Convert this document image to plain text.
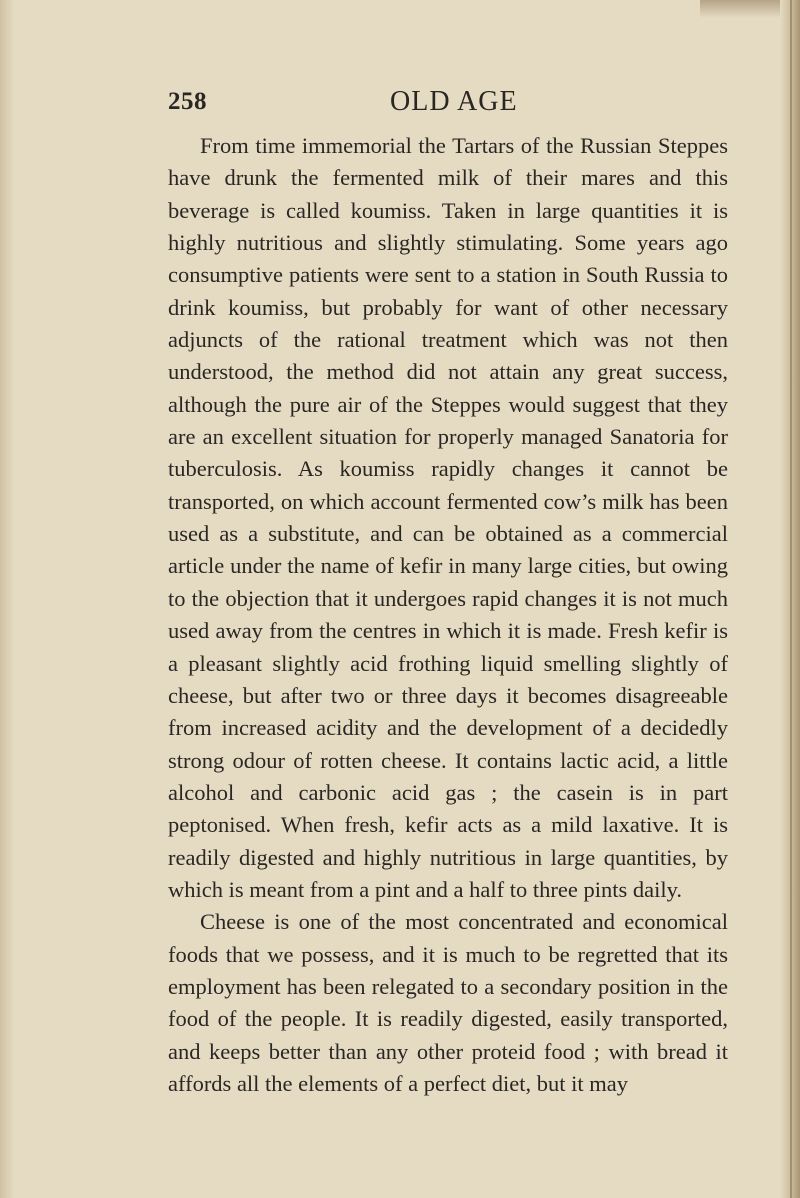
258	OLD AGE

From time immemorial the Tartars of the Russian Steppes have drunk the fermented milk of their mares and this beverage is called koumiss. Taken in large quantities it is highly nutritious and slightly stimulating. Some years ago consumptive patients were sent to a station in South Russia to drink koumiss, but probably for want of other necessary adjuncts of the rational treatment which was not then understood, the method did not attain any great success, although the pure air of the Steppes would suggest that they are an excellent situation for properly managed Sanatoria for tuberculosis. As koumiss rapidly changes it cannot be transported, on which account fermented cow’s milk has been used as a substitute, and can be obtained as a commercial article under the name of kefir in many large cities, but owing to the objection that it undergoes rapid changes it is not much used away from the centres in which it is made. Fresh kefir is a pleasant slightly acid frothing liquid smelling slightly of cheese, but after two or three days it becomes disagreeable from increased acidity and the development of a decidedly strong odour of rotten cheese. It contains lactic acid, a little alcohol and carbonic acid gas ; the casein is in part peptonised. When fresh, kefir acts as a mild laxative. It is readily digested and highly nutritious in large quantities, by which is meant from a pint and a half to three pints daily.

Cheese is one of the most concentrated and economical foods that we possess, and it is much to be regretted that its employment has been relegated to a secondary position in the food of the people. It is readily digested, easily transported, and keeps better than any other proteid food ; with bread it affords all the elements of a perfect diet, but it may
